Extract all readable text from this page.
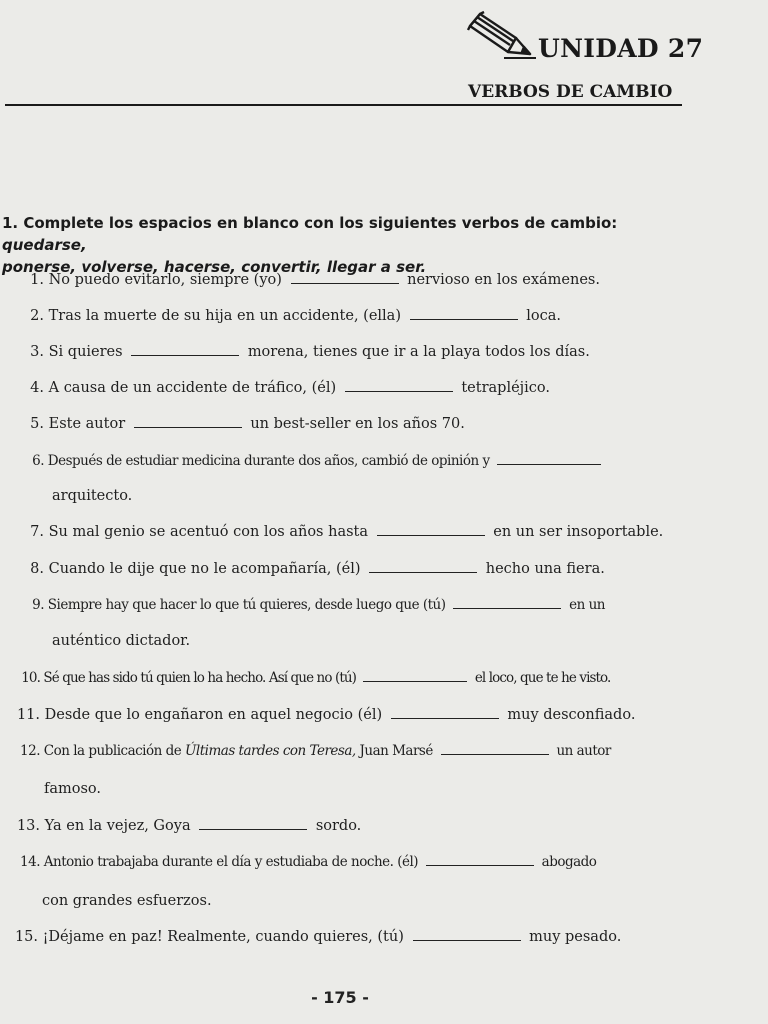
UNIDAD 27
VERBOS DE CAMBIO
1. Complete los espacios en blanco con los siguientes verbos de cambio: quedarse,
ponerse, volverse, hacerse, convertir, llegar a ser.
1. No puedo evitarlo, siempre (yo)	nervioso en los exámenes.
2. Tras la muerte de su hija en un accidente, (ella)	loca.
3. Si quieres	morena, tienes que ir a la playa todos los días.
4. A causa de un accidente de tráfico, (él)	tetrapléjico.
5. Este autor	un best-seller en los años 70.
6. Después de estudiar medicina durante dos años, cambió de opinión y
arquitecto.
7. Su mal genio se acentuó con los años hasta	en un ser insoportable.
8. Cuando le dije que no le acompañaría, (él)	hecho una fiera.
9. Siempre hay que hacer lo que tú quieres, desde luego que (tú)	en un
auténtico dictador.
10. Sé que has sido tú quien lo ha hecho. Así que no (tú)	el loco, que te he visto.
11. Desde que lo engañaron en aquel negocio (él)	muy desconfiado.
12. Con la publicación de Últimas tardes con Teresa, Juan Marsé	un autor
famoso.
13. Ya en la vejez, Goya	sordo.
14. Antonio trabajaba durante el día y estudiaba de noche. (él)	abogado
con grandes esfuerzos.
15. ¡Déjame en paz! Realmente, cuando quieres, (tú)	muy pesado.
- 175 -
